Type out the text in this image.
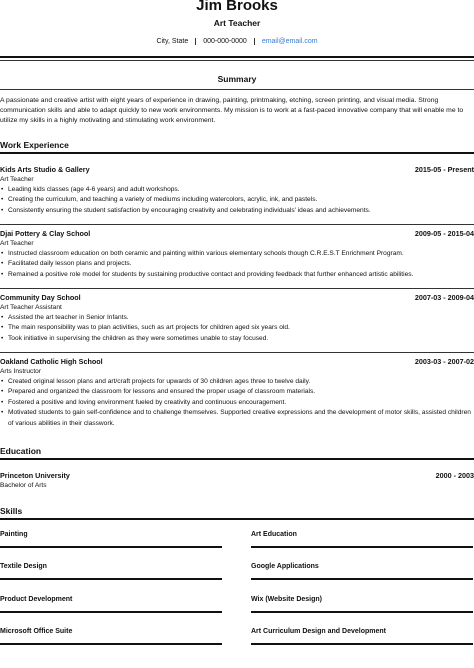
Jim Brooks
Art Teacher
City, State	000-000-0000	email@email.com
Summary
A passionate and creative artist with eight years of experience in drawing, painting, printmaking, etching, screen printing, and visual media. Strong communication skills and able to adapt quickly to new work environments. My mission is to work at a fast-paced innovative company that will enable me to utilize my skills in a highly motivating and stimulating work environment.
Work Experience
Kids Arts Studio & Gallery	2015-05 - Present
Art Teacher
• Leading kids classes (age 4-6 years) and adult workshops.
• Creating the curriculum, and teaching a variety of mediums including watercolors, acrylic, ink, and pastels.
• Consistently ensuring the student satisfaction by encouraging creativity and celebrating individuals' ideas and achievements.
Djai Pottery & Clay School	2009-05 - 2015-04
Art Teacher
• Instructed classroom education on both ceramic and painting within various elementary schools though C.R.E.S.T Enrichment Program.
• Facilitated daily lesson plans and projects.
• Remained a positive role model for students by sustaining productive contact and providing feedback that further enhanced artistic abilities.
Community Day School	2007-03 - 2009-04
Art Teacher Assistant
• Assisted the art teacher in Senior Infants.
• The main responsibility was to plan activities, such as art projects for children aged six years old.
• Took initiative in supervising the children as they were sometimes unable to stay focused.
Oakland Catholic High School	2003-03 - 2007-02
Arts Instructor
• Created original lesson plans and art/craft projects for upwards of 30 children ages three to twelve daily.
• Prepared and organized the classroom for lessons and ensured the proper usage of classroom materials.
• Fostered a positive and loving environment fueled by creativity and continuous encouragement.
• Motivated students to gain self-confidence and to challenge themselves. Supported creative expressions and the development of motor skills, assisted children of various abilities in their classwork.
Education
Princeton University	2000 - 2003
Bachelor of Arts
Skills
Painting	Art Education
Textile Design	Google Applications
Product Development	Wix (Website Design)
Microsoft Office Suite	Art Curriculum Design and Development
